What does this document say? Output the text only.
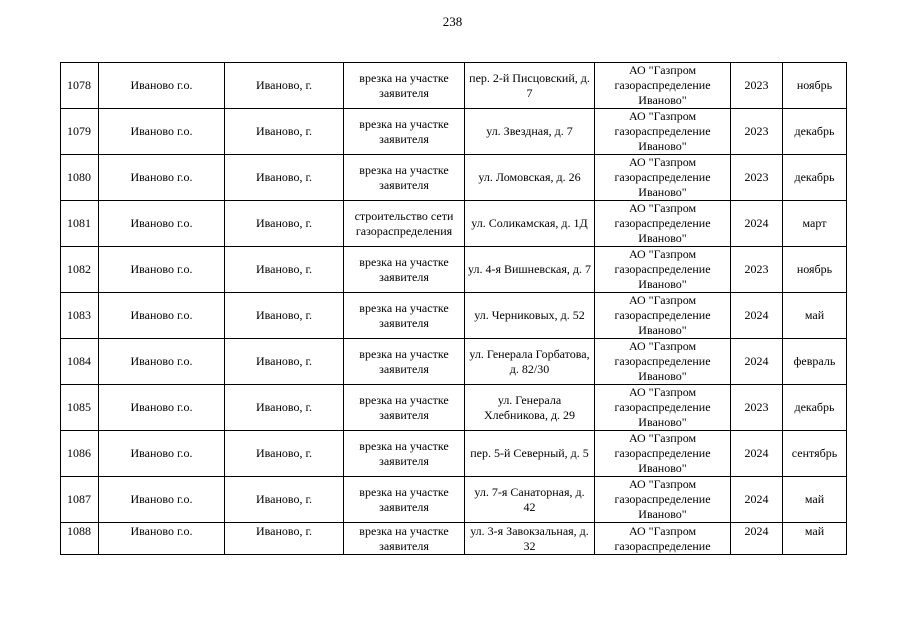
238
1078	Иваново г.о.	Иваново, г.	врезка на участке заявителя	пер. 2-й Писцовский, д. 7	АО "Газпром газораспределение Иваново"	2023	ноябрь

1079	Иваново г.о.	Иваново, г.	врезка на участке заявителя	ул. Звездная, д. 7	АО "Газпром газораспределение Иваново"	2023	декабрь

1080	Иваново г.о.	Иваново, г.	врезка на участке заявителя	ул. Ломовская, д. 26	АО "Газпром газораспределение Иваново"	2023	декабрь

1081	Иваново г.о.	Иваново, г.	строительство сети газораспределения	ул. Соликамская, д. 1Д	АО "Газпром газораспределение Иваново"	2024	март

1082	Иваново г.о.	Иваново, г.	врезка на участке заявителя	ул. 4-я Вишневская, д. 7	АО "Газпром газораспределение Иваново"	2023	ноябрь

1083	Иваново г.о.	Иваново, г.	врезка на участке заявителя	ул. Черниковых, д. 52	АО "Газпром газораспределение Иваново"	2024	май

1084	Иваново г.о.	Иваново, г.	врезка на участке заявителя	ул. Генерала Горбатова, д. 82/30	АО "Газпром газораспределение Иваново"	2024	февраль

1085	Иваново г.о.	Иваново, г.	врезка на участке заявителя	ул. Генерала Хлебникова, д. 29	АО "Газпром газораспределение Иваново"	2023	декабрь

1086	Иваново г.о.	Иваново, г.	врезка на участке заявителя	пер. 5-й Северный, д. 5	АО "Газпром газораспределение Иваново"	2024	сентябрь

1087	Иваново г.о.	Иваново, г.	врезка на участке заявителя	ул. 7-я Санаторная, д. 42	АО "Газпром газораспределение Иваново"	2024	май

1088	Иваново г.о.	Иваново, г.	врезка на участке заявителя	ул. 3-я Завокзальная, д. 32	АО "Газпром газораспределение	2024	май
